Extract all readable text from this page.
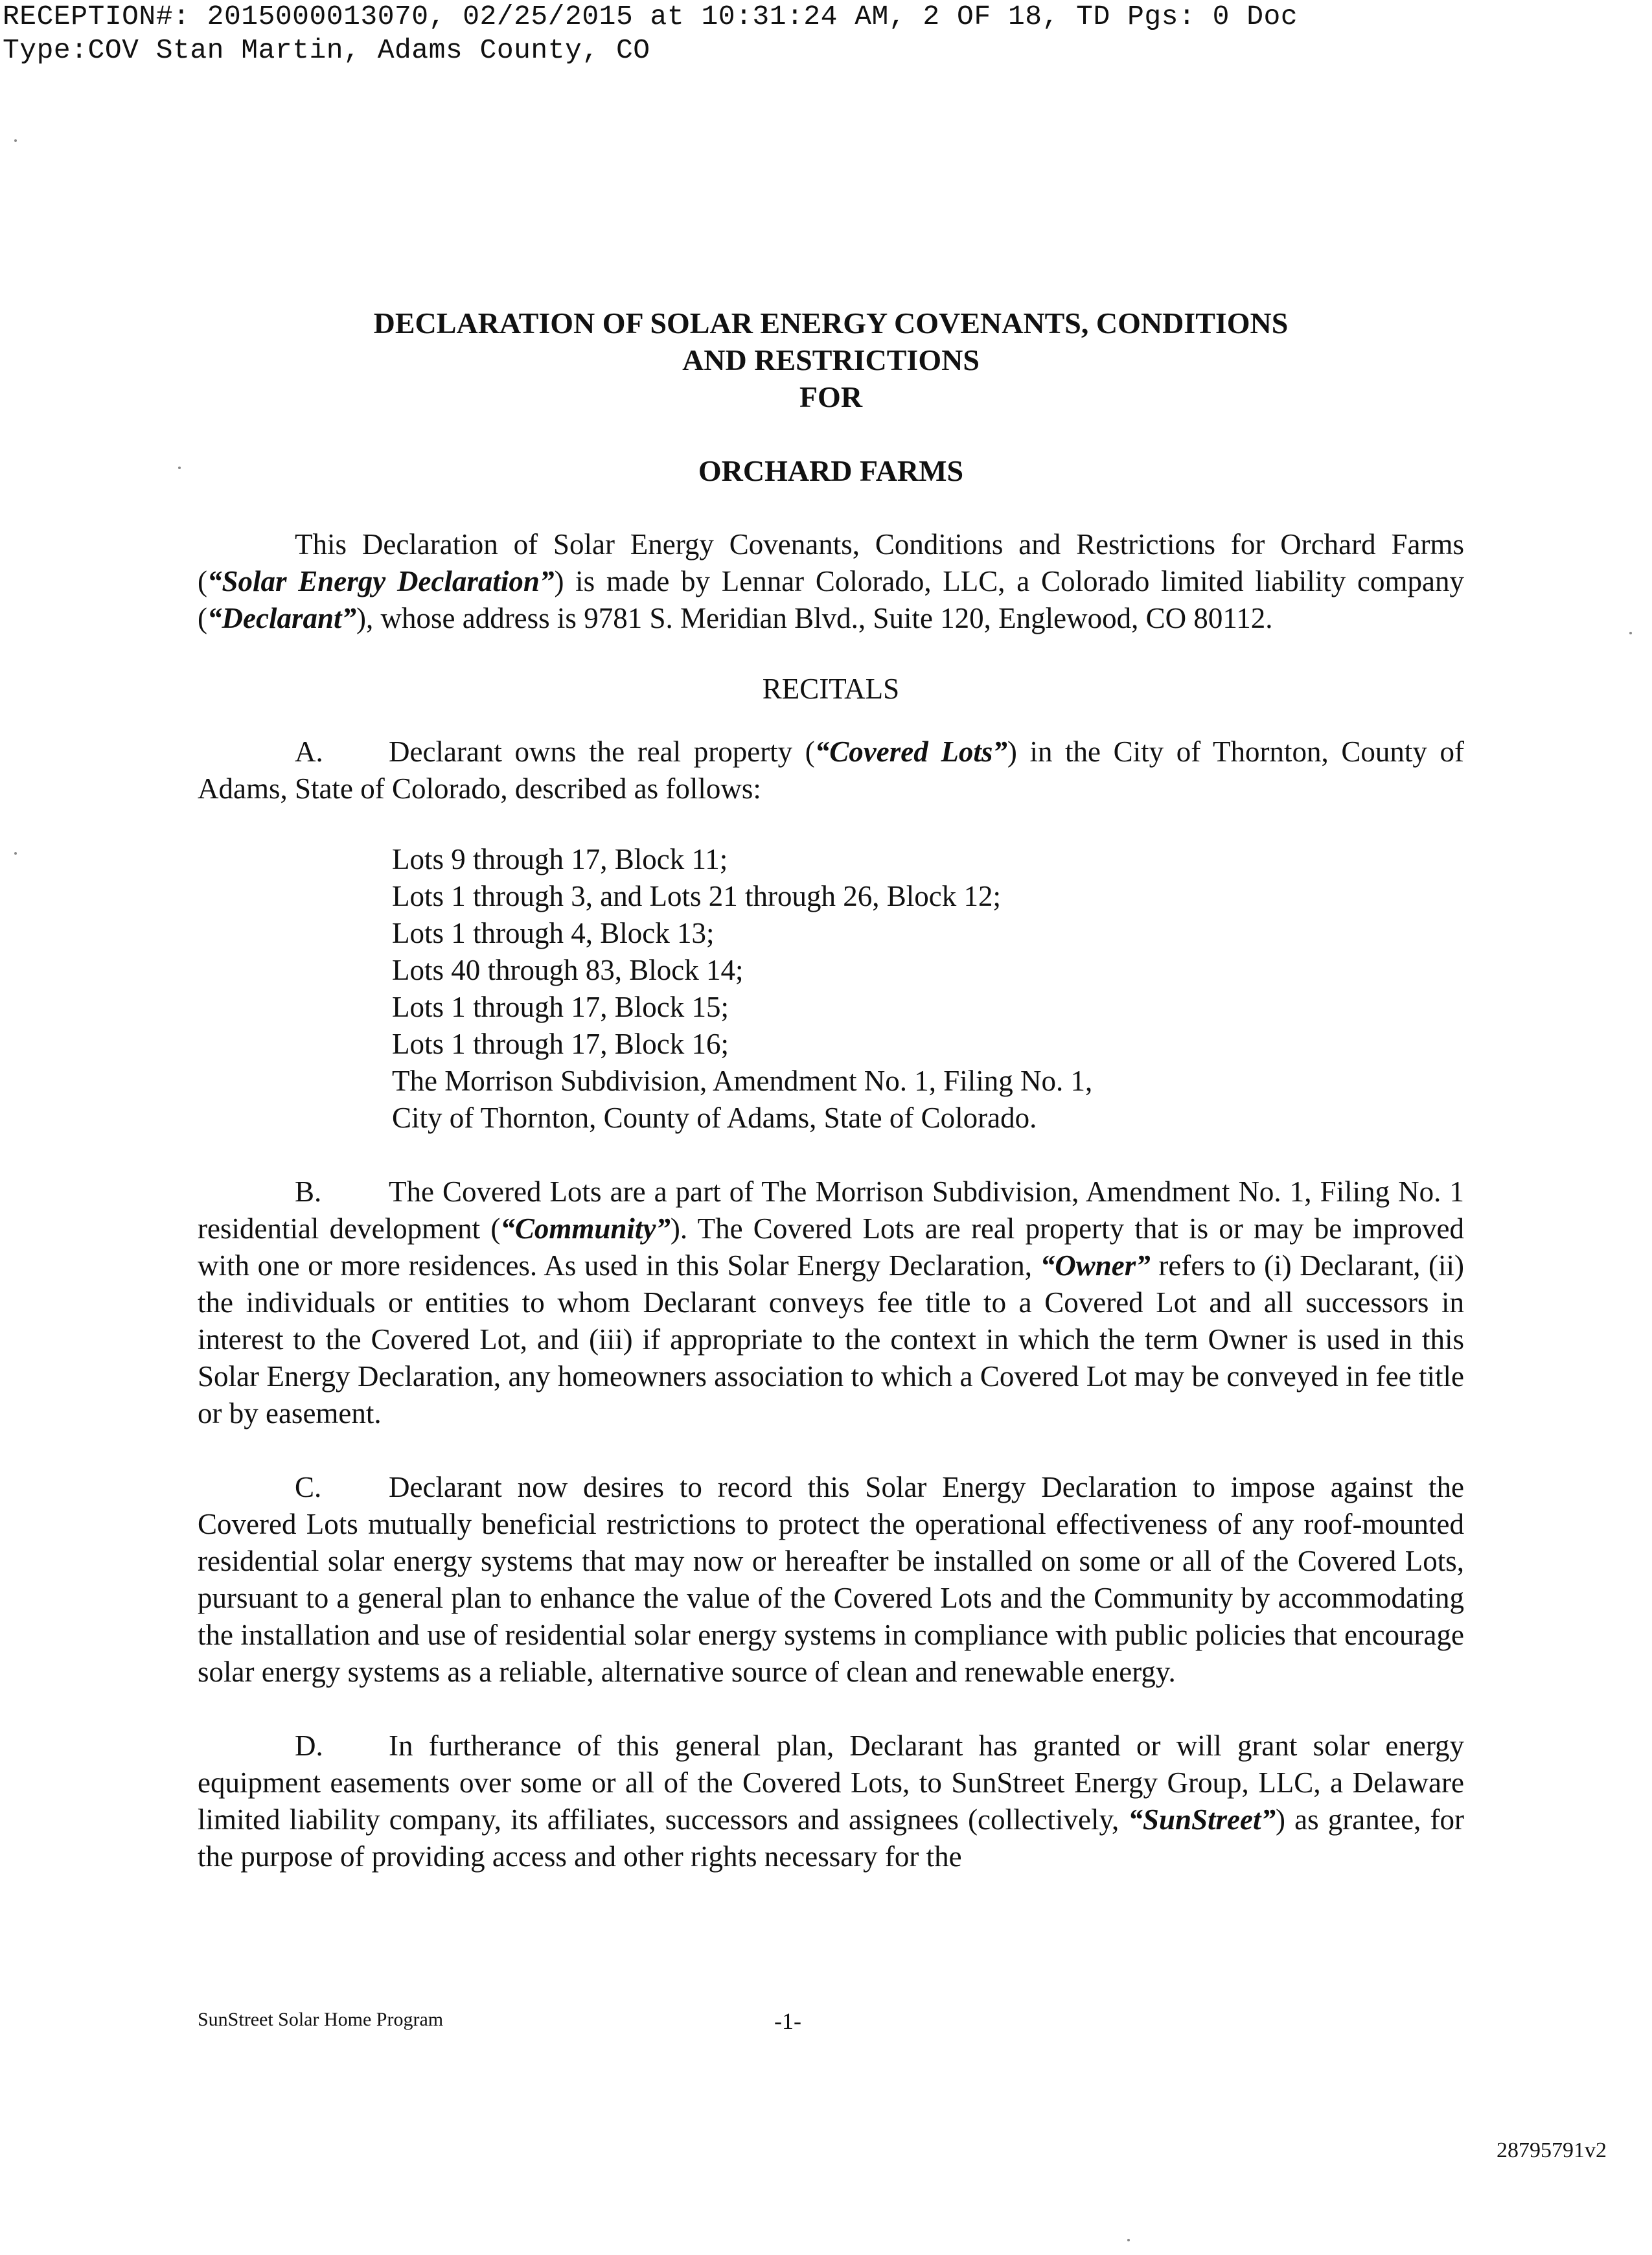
RECEPTION#: 2015000013070, 02/25/2015 at 10:31:24 AM, 2 OF 18, TD Pgs: 0 Doc
Type:COV Stan Martin, Adams County, CO
DECLARATION OF SOLAR ENERGY COVENANTS, CONDITIONS
AND RESTRICTIONS
FOR
ORCHARD FARMS

This Declaration of Solar Energy Covenants, Conditions and Restrictions for Orchard Farms (“Solar Energy Declaration”) is made by Lennar Colorado, LLC, a Colorado limited liability company (“Declarant”), whose address is 9781 S. Meridian Blvd., Suite 120, Englewood, CO 80112.

RECITALS

A. Declarant owns the real property (“Covered Lots”) in the City of Thornton, County of Adams, State of Colorado, described as follows:

Lots 9 through 17, Block 11;
Lots 1 through 3, and Lots 21 through 26, Block 12;
Lots 1 through 4, Block 13;
Lots 40 through 83, Block 14;
Lots 1 through 17, Block 15;
Lots 1 through 17, Block 16;
The Morrison Subdivision, Amendment No. 1, Filing No. 1,
City of Thornton, County of Adams, State of Colorado.

B. The Covered Lots are a part of The Morrison Subdivision, Amendment No. 1, Filing No. 1 residential development (“Community”). The Covered Lots are real property that is or may be improved with one or more residences. As used in this Solar Energy Declaration, “Owner” refers to (i) Declarant, (ii) the individuals or entities to whom Declarant conveys fee title to a Covered Lot and all successors in interest to the Covered Lot, and (iii) if appropriate to the context in which the term Owner is used in this Solar Energy Declaration, any homeowners association to which a Covered Lot may be conveyed in fee title or by easement.

C. Declarant now desires to record this Solar Energy Declaration to impose against the Covered Lots mutually beneficial restrictions to protect the operational effectiveness of any roof-mounted residential solar energy systems that may now or hereafter be installed on some or all of the Covered Lots, pursuant to a general plan to enhance the value of the Covered Lots and the Community by accommodating the installation and use of residential solar energy systems in compliance with public policies that encourage solar energy systems as a reliable, alternative source of clean and renewable energy.

D. In furtherance of this general plan, Declarant has granted or will grant solar energy equipment easements over some or all of the Covered Lots, to SunStreet Energy Group, LLC, a Delaware limited liability company, its affiliates, successors and assignees (collectively, “SunStreet”) as grantee, for the purpose of providing access and other rights necessary for the

SunStreet Solar Home Program	-1-
28795791v2
